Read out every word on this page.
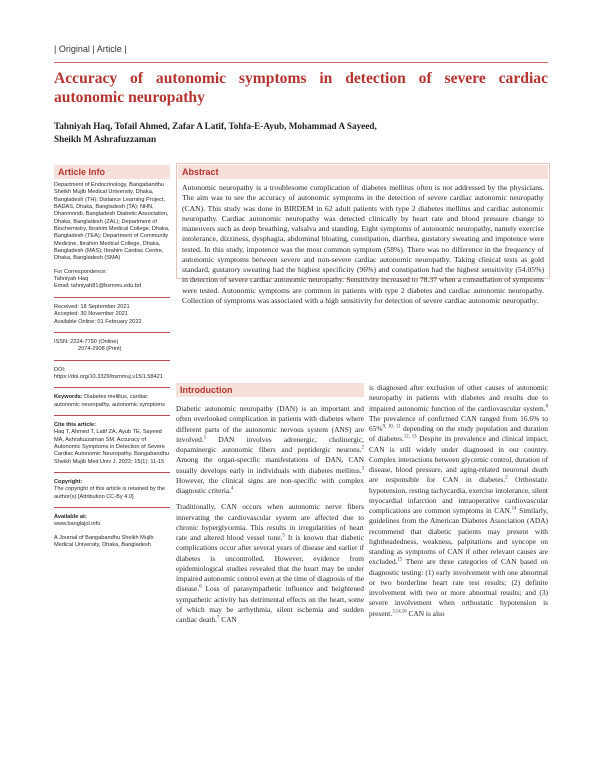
| Original | Article |
Accuracy of autonomic symptoms in detection of severe cardiac
autonomic neuropathy

Tahniyah Haq, Tofail Ahmed, Zafar A Latif, Tohfa-E-Ayub, Mohammad A Sayeed,
Sheikh M Ashrafuzzaman

Article Info

Department of Endocrinology, Bangabandhu Sheikh Mujib Medical University, Dhaka, Bangladesh (TH); Distance Learning Project, BADAS, Dhaka, Bangladesh (TA); NHN, Dhanmondi, Bangladesh Diabetic Association, Dhaka, Bangladesh (ZAL); Department of Biochemistry, Ibrahim Medical College, Dhaka, Bangladesh (TEA); Department of Community Medicine, Ibrahim Medical College, Dhaka, Bangladesh (MAS); Ibrahim Cardiac Centre, Dhaka, Bangladesh (SMA)

For Correspondence:
Tahniyah Haq
Email: tahniyah81@bsmmu.edu.bd

Received: 18 September 2021
Accepted: 30 November 2021
Available Online: 01 February 2022

ISSN: 2224-7750 (Online)
2074-2908 (Print)

DOI: https://doi.org/10.3329/bsmmuj.v15i1.58421

Keywords: Diabetes mellitus, cardiac autonomic neuropathy, autonomic symptoms

Cite this article:
Haq T, Ahmed T, Latif ZA, Ayub TE, Sayeed MA, Ashrafuzzaman SM. Accuracy of Autonomic Symptoms in Detection of Severe Cardiac Autonomic Neuropathy. Bangabandhu Sheikh Mujib Med Univ J. 2022; 15(1): 11-15

Copyright:
The copyright of this article is retained by the author(s) [Attribution CC-By 4.0]

Available at:
www.banglajol.info

A Journal of Bangabandhu Sheikh Mujib Medical University, Dhaka, Bangladesh

Abstract

Autonomic neuropathy is a troublesome complication of diabetes mellitus often is not addressed by the physicians. The aim was to see the accuracy of autonomic symptoms in the detection of severe cardiac autonomic neuropathy (CAN). This study was done in BIRDEM in 62 adult patients with type 2 diabetes mellitus and cardiac autonomic neuropathy. Cardiac autonomic neuropathy was detected clinically by heart rate and blood pressure change to maneuvers such as deep breathing, valsalva and standing. Eight symptoms of autonomic neuropathy, namely exercise intolerance, dizziness, dysphagia, abdominal bloating, constipation, diarrhea, gustatory sweating and impotence were tested. In this study, impotence was the most common symptom (58%). There was no difference in the frequency of autonomic symptoms between severe and non-severe cardiac autonomic neuropathy. Taking clinical tests as gold standard, gustatory sweating had the highest specificity (96%) and constipation had the highest sensitivity (54.05%) in detection of severe cardiac autonomic neuropathy. Sensitivity increased to 78.37 when a constellation of symptoms were tested. Autonomic symptoms are common in patients with type 2 diabetes and cardiac autonomic neuropathy. Collection of symptoms was associated with a high sensitivity for detection of severe cardiac autonomic neuropathy.

Introduction

Diabetic autonomic neuropathy (DAN) is an important and often overlooked complication in patients with diabetes where different parts of the autonomic nervous system (ANS) are involved.$^1$ DAN involves adrenergic, cholinergic, dopaminergic autonomic fibers and peptidergic neurons.$^2$ Among the organ-specific manifestations of DAN, CAN usually develops early in individuals with diabetes mellitus.$^3$ However, the clinical signs are non-specific with complex diagnostic criteria.$^4$

Traditionally, CAN occurs when autonomic nerve fibers innervating the cardiovascular system are affected due to chronic hyperglycemia. This results in irregularities of heart rate and altered blood vessel tone.$^5$ It is known that diabetic complications occur after several years of disease and earlier if diabetes is uncontrolled. However, evidence from epidemiological studies revealed that the heart may be under impaired autonomic control even at the time of diagnosis of the disease.$^6$ Loss of parasympathetic influence and heightened sympathetic activity has detrimental effects on the heart, some of which may be arrhythmia, silent ischemia and sudden cardiac death.$^7$ CAN

is diagnosed after exclusion of other causes of autonomic neuropathy in patients with diabetes and results due to impaired autonomic function of the cardiovascular system.$^8$ The prevalence of confirmed CAN ranged from 16.6% to 65%$^{9, 10, 11}$ depending on the study population and duration of diabetes.$^{12, 13}$ Despite its prevalence and clinical impact, CAN is still widely under diagnosed in our country. Complex interactions between glycemic control, duration of disease, blood pressure, and aging-related neuronal death are responsible for CAN in diabetes.$^2$ Orthostatic hypotension, resting tachycardia, exercise intolerance, silent myocardial infarction and intraoperative cardiovascular complications are common symptoms in CAN.$^{14}$ Similarly, guidelines from the American Diabetes Association (ADA) recommend that diabetic patients may present with lightheadedness, weakness, palpitations and syncope on standing as symptoms of CAN if other relevant causes are excluded.$^{15}$ There are three categories of CAN based on diagnostic testing: (1) early involvement with one abnormal or two borderline heart rate test results; (2) definite involvement with two or more abnormal results; and (3) severe involvement when orthostatic hypotension is present.$^{3,14,16}$ CAN is also
